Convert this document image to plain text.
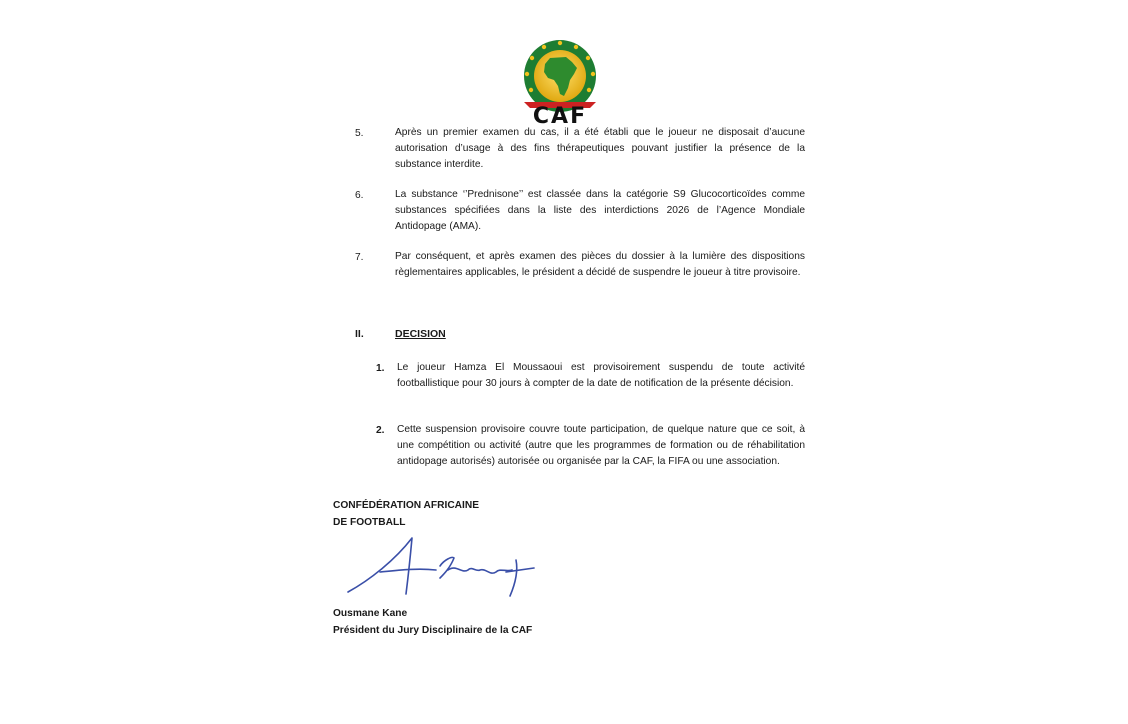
CAF
5.	Après un premier examen du cas, il a été établi que le joueur ne disposait d’aucune autorisation d’usage à des fins thérapeutiques pouvant justifier la présence de la substance interdite.
6.	La substance ‘’Prednisone’’ est classée dans la catégorie S9 Glucocorticoïdes comme substances spécifiées dans la liste des interdictions 2026 de l’Agence Mondiale Antidopage (AMA).
7.	Par conséquent, et après examen des pièces du dossier à la lumière des dispositions règlementaires applicables, le président a décidé de suspendre le joueur à titre provisoire.
II.	DECISION
1. Le joueur Hamza El Moussaoui est provisoirement suspendu de toute activité footballistique pour 30 jours à compter de la date de notification de la présente décision.
2. Cette suspension provisoire couvre toute participation, de quelque nature que ce soit, à une compétition ou activité (autre que les programmes de formation ou de réhabilitation antidopage autorisés) autorisée ou organisée par la CAF, la FIFA ou une association.
CONFÉDÉRATION AFRICAINE
DE FOOTBALL
Ousmane Kane
Président du Jury Disciplinaire de la CAF
